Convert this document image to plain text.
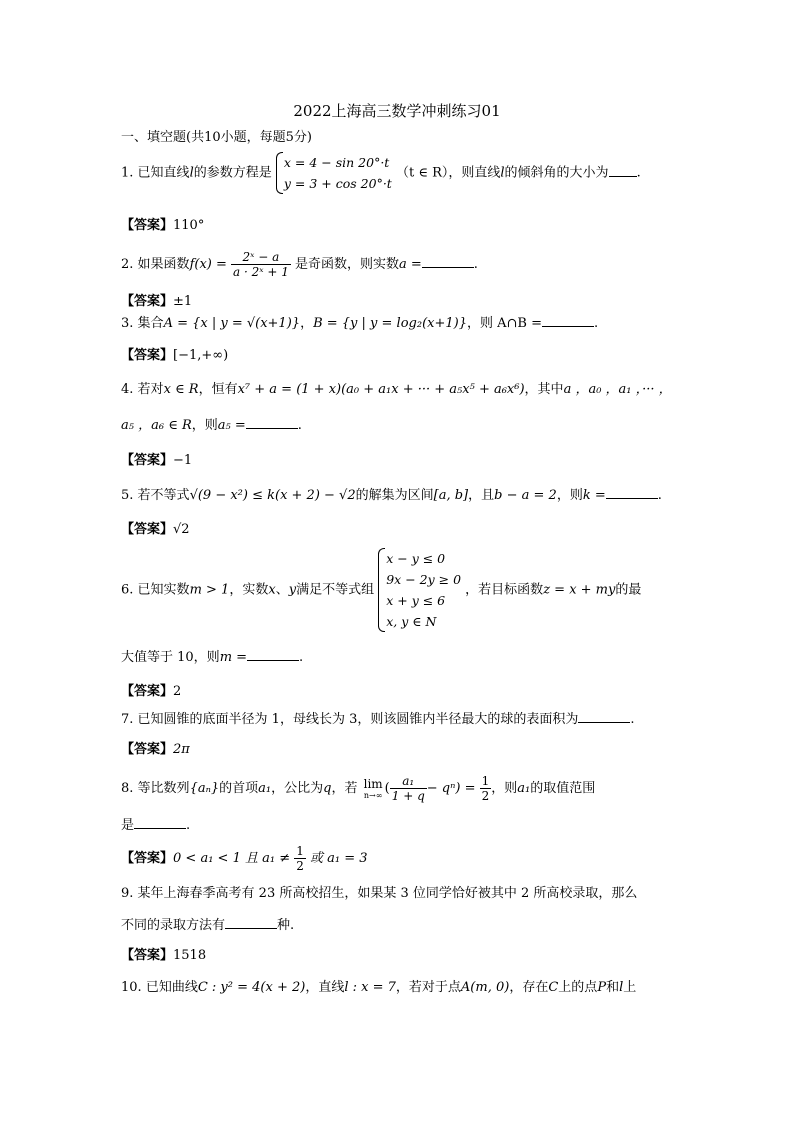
2022上海高三数学冲刺练习01
一、填空题(共10小题，每题5分)
1. 已知直线l的参数方程是
x = 4 − sin 20°·t
y = 3 + cos 20°·t
（t ∈ R），则直线l的倾斜角的大小为 .
【答案】110°
2. 如果函数$f(x) = \frac{\text{2ˣ − a}}{\text{a · 2ˣ + 1}}$ 是奇函数，则实数a =	.
【答案】±1
3. 集合A = {x | y = √(x+1)}，B = {y | y = log₂(x+1)}，则 A∩B =	.
【答案】[−1,+∞)
4. 若对x ∈ R，恒有x⁷ + a = (1 + x)(a₀ + a₁x + ··· + a₅x⁵ + a₆x⁶)，其中a ，a₀ ，a₁ ，··· ，
a₅ ，a₆ ∈ R，则a₅ =	.
【答案】−1
5. 若不等式√(9 − x²) ≤ k(x + 2) − √2的解集为区间[a, b]，且b − a = 2，则k =	.
【答案】√2
6. 已知实数m > 1，实数x、y满足不等式组
x − y ≤ 0
9x − 2y ≥ 0
x + y ≤ 6
x, y ∈ N
，若目标函数z = x + my的最
大值等于 10，则m =	.
【答案】2
7. 已知圆锥的底面半径为 1，母线长为 3，则该圆锥内半径最大的球的表面积为	.
【答案】2π
8. 等比数列{aₙ}的首项a₁，公比为q，若 lim
n→∞ ( $\frac{\text{a₁}}{1 + q} - q^n) = \frac{1}{2}$ ，则a₁的取值范围
是	.
【答案】0 < a₁ < 1 且 $a_1 \ne \frac{1}{2}$ 或 a₁ = 3
9. 某年上海春季高考有 23 所高校招生，如果某 3 位同学恰好被其中 2 所高校录取，那么
不同的录取方法有	种.
【答案】1518
10. 已知曲线C : y² = 4(x + 2)，直线l : x = 7，若对于点A(m, 0)，存在C上的点P和l上
